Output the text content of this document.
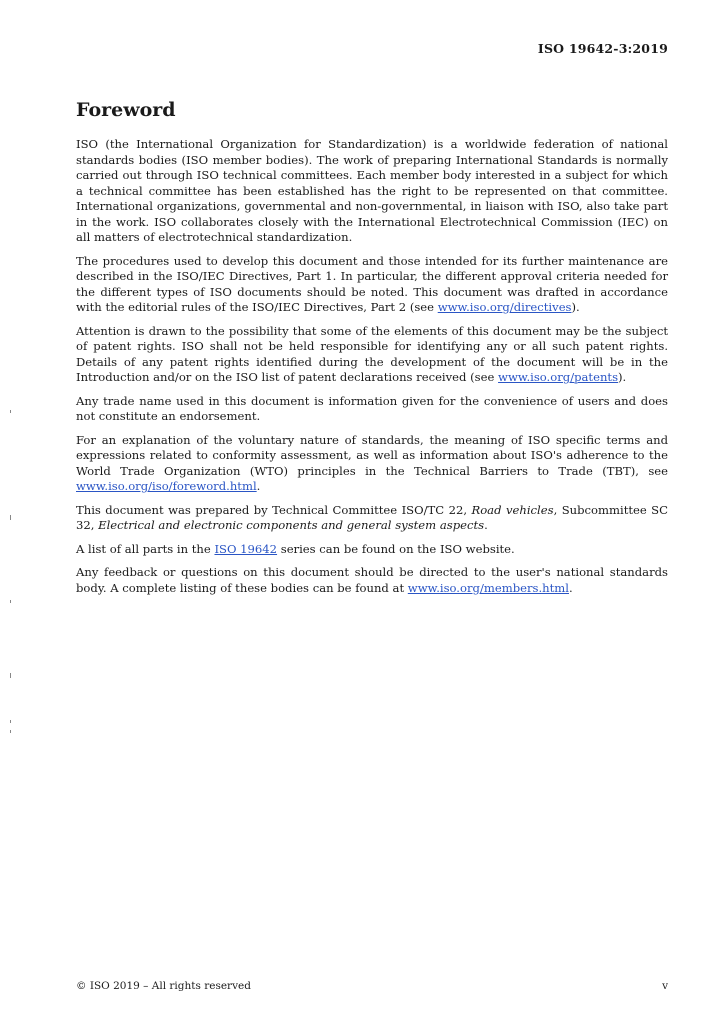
ISO 19642-3:2019
Foreword

ISO (the International Organization for Standardization) is a worldwide federation of national standards bodies (ISO member bodies). The work of preparing International Standards is normally carried out through ISO technical committees. Each member body interested in a subject for which a technical committee has been established has the right to be represented on that committee. International organizations, governmental and non-governmental, in liaison with ISO, also take part in the work. ISO collaborates closely with the International Electrotechnical Commission (IEC) on all matters of electrotechnical standardization.

The procedures used to develop this document and those intended for its further maintenance are described in the ISO/IEC Directives, Part 1. In particular, the different approval criteria needed for the different types of ISO documents should be noted. This document was drafted in accordance with the editorial rules of the ISO/IEC Directives, Part 2 (see www.iso.org/directives).

Attention is drawn to the possibility that some of the elements of this document may be the subject of patent rights. ISO shall not be held responsible for identifying any or all such patent rights. Details of any patent rights identified during the development of the document will be in the Introduction and/or on the ISO list of patent declarations received (see www.iso.org/patents).

Any trade name used in this document is information given for the convenience of users and does not constitute an endorsement.

For an explanation of the voluntary nature of standards, the meaning of ISO specific terms and expressions related to conformity assessment, as well as information about ISO's adherence to the World Trade Organization (WTO) principles in the Technical Barriers to Trade (TBT), see www.iso.org/iso/foreword.html.

This document was prepared by Technical Committee ISO/TC 22, Road vehicles, Subcommittee SC 32, Electrical and electronic components and general system aspects.

A list of all parts in the ISO 19642 series can be found on the ISO website.

Any feedback or questions on this document should be directed to the user's national standards body. A complete listing of these bodies can be found at www.iso.org/members.html.

© ISO 2019 – All rights reserved	v
